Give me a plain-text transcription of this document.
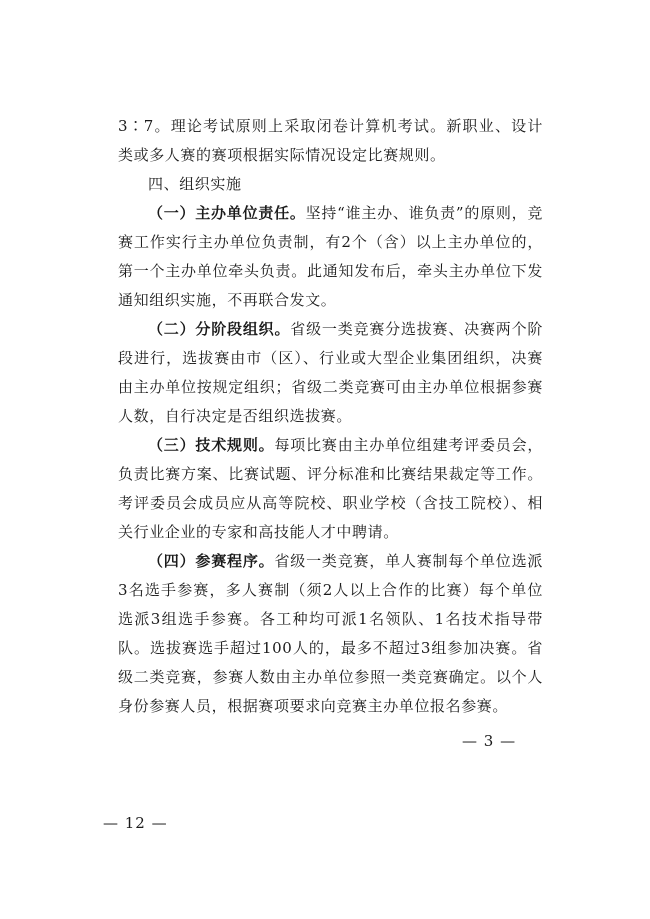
3∶7。理论考试原则上采取闭卷计算机考试。新职业、设计类或多人赛的赛项根据实际情况设定比赛规则。

四、组织实施

（一）主办单位责任。坚持“谁主办、谁负责”的原则，竞赛工作实行主办单位负责制，有2个（含）以上主办单位的，第一个主办单位牵头负责。此通知发布后，牵头主办单位下发通知组织实施，不再联合发文。

（二）分阶段组织。省级一类竞赛分选拔赛、决赛两个阶段进行，选拔赛由市（区）、行业或大型企业集团组织，决赛由主办单位按规定组织；省级二类竞赛可由主办单位根据参赛人数，自行决定是否组织选拔赛。

（三）技术规则。每项比赛由主办单位组建考评委员会，负责比赛方案、比赛试题、评分标准和比赛结果裁定等工作。考评委员会成员应从高等院校、职业学校（含技工院校）、相关行业企业的专家和高技能人才中聘请。

（四）参赛程序。省级一类竞赛，单人赛制每个单位选派3名选手参赛，多人赛制（须2人以上合作的比赛）每个单位选派3组选手参赛。各工种均可派1名领队、1名技术指导带队。选拔赛选手超过100人的，最多不超过3组参加决赛。省级二类竞赛，参赛人数由主办单位参照一类竞赛确定。以个人身份参赛人员，根据赛项要求向竞赛主办单位报名参赛。

— 3 —
— 12 —
